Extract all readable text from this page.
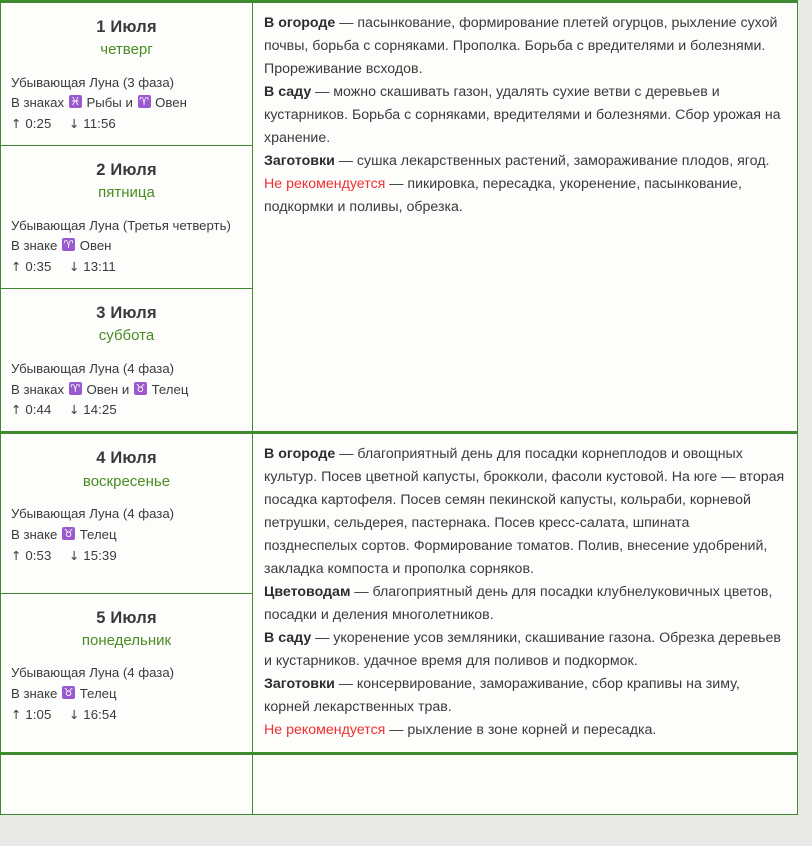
1 Июля
четверг
Убывающая Луна (3 фаза)
В знаках ♓ Рыбы и ♈ Овен
↑ 0:25 ↓ 11:56

В огороде — пасынкование, формирование плетей огурцов, рыхление сухой почвы, борьба с сорняками. Прополка. Борьба с вредителями и болезнями. Прореживание всходов.
В саду — можно скашивать газон, удалять сухие ветви с деревьев и кустарников. Борьба с сорняками, вредителями и болезнями. Сбор урожая на хранение.
Заготовки — сушка лекарственных растений, замораживание плодов, ягод.
Не рекомендуется — пикировка, пересадка, укоренение, пасынкование, подкормки и поливы, обрезка.

2 Июля
пятница
Убывающая Луна (Третья четверть)
В знаке ♈ Овен
↑ 0:35 ↓ 13:11	

3 Июля
суббота
Убывающая Луна (4 фаза)
В знаках ♈ Овен и ♉ Телец
↑ 0:44 ↓ 14:25	

4 Июля
воскресенье
Убывающая Луна (4 фаза)
В знаке ♉ Телец
↑ 0:53 ↓ 15:39

В огороде — благоприятный день для посадки корнеплодов и овощных культур. Посев цветной капусты, брокколи, фасоли кустовой. На юге — вторая посадка картофеля. Посев семян пекинской капусты, кольраби, корневой петрушки, сельдерея, пастернака. Посев кресс-салата, шпината позднеспелых сортов. Формирование томатов. Полив, внесение удобрений, закладка компоста и прополка сорняков.
Цветоводам — благоприятный день для посадки клубнелуковичных цветов, посадки и деления многолетников.
В саду — укоренение усов земляники, скашивание газона. Обрезка деревьев и кустарников. удачное время для поливов и подкормок.
Заготовки — консервирование, замораживание, сбор крапивы на зиму, корней лекарственных трав.
Не рекомендуется — рыхление в зоне корней и пересадка.

5 Июля
понедельник
Убывающая Луна (4 фаза)
В знаке ♉ Телец
↑ 1:05 ↓ 16:54	
